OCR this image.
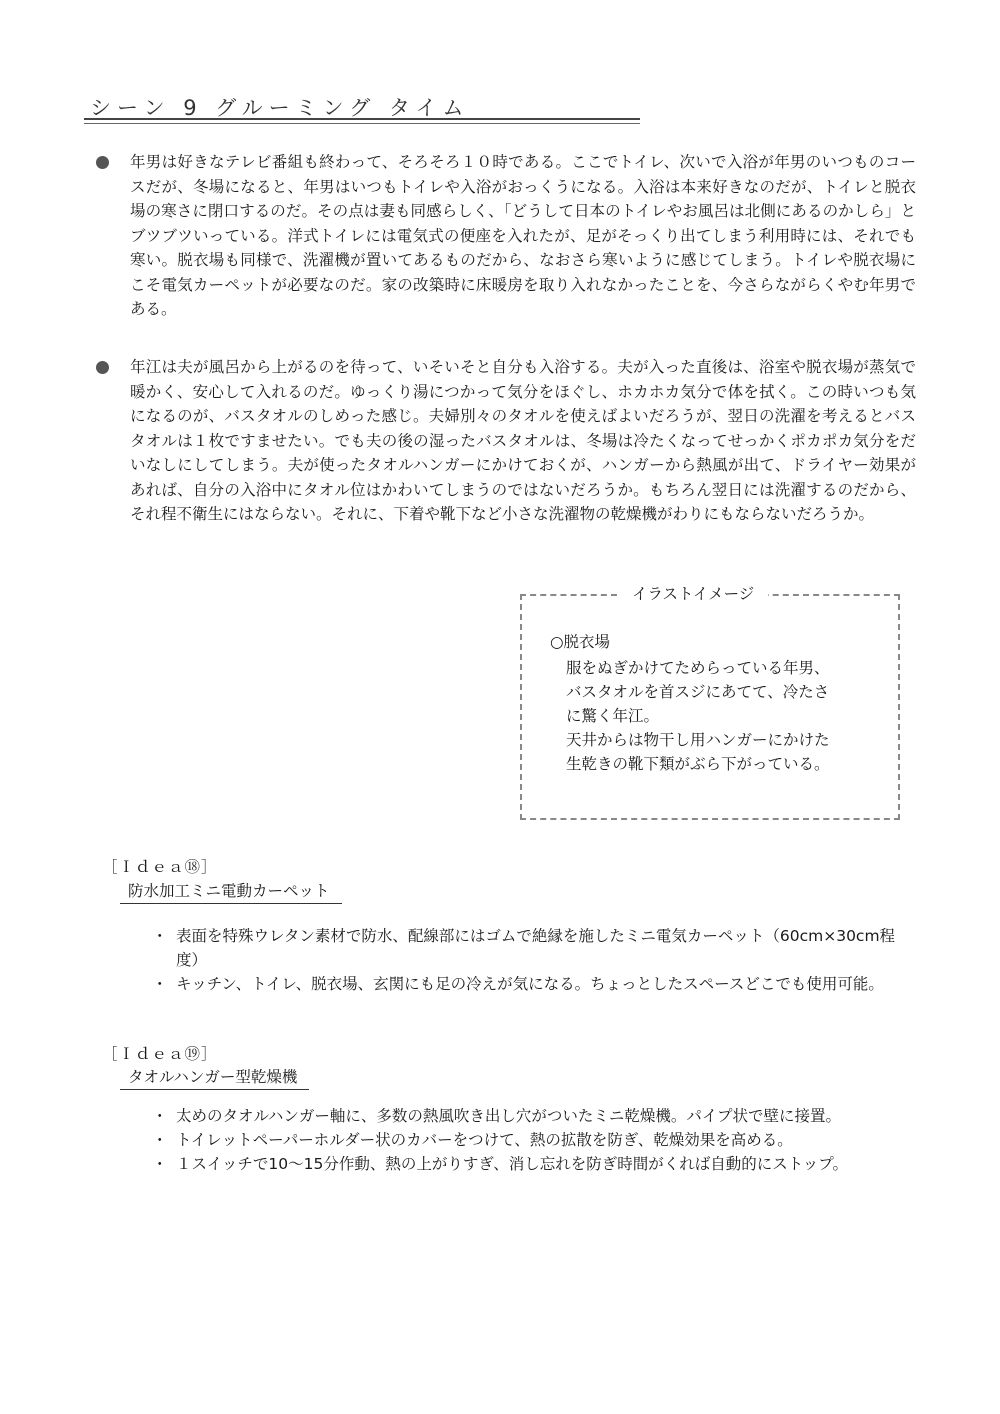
シーン 9 グルーミング タイム
年男は好きなテレビ番組も終わって、そろそろ１０時である。ここでトイレ、次いで入浴が年男のいつものコースだが、冬場になると、年男はいつもトイレや入浴がおっくうになる。入浴は本来好きなのだが、トイレと脱衣場の寒さに閉口するのだ。その点は妻も同感らしく、「どうして日本のトイレやお風呂は北側にあるのかしら」とブツブツいっている。洋式トイレには電気式の便座を入れたが、足がそっくり出てしまう利用時には、それでも寒い。脱衣場も同様で、洗濯機が置いてあるものだから、なおさら寒いように感じてしまう。トイレや脱衣場にこそ電気カーペットが必要なのだ。家の改築時に床暖房を取り入れなかったことを、今さらながらくやむ年男である。
年江は夫が風呂から上がるのを待って、いそいそと自分も入浴する。夫が入った直後は、浴室や脱衣場が蒸気で暖かく、安心して入れるのだ。ゆっくり湯につかって気分をほぐし、ホカホカ気分で体を拭く。この時いつも気になるのが、バスタオルのしめった感じ。夫婦別々のタオルを使えばよいだろうが、翌日の洗濯を考えるとバスタオルは１枚ですませたい。でも夫の後の湿ったバスタオルは、冬場は冷たくなってせっかくポカポカ気分をだいなしにしてしまう。夫が使ったタオルハンガーにかけておくが、ハンガーから熱風が出て、ドライヤー効果があれば、自分の入浴中にタオル位はかわいてしまうのではないだろうか。もちろん翌日には洗濯するのだから、それ程不衛生にはならない。それに、下着や靴下など小さな洗濯物の乾燥機がわりにもならないだろうか。
イラストイメージ
○脱衣場
服をぬぎかけてためらっている年男、
バスタオルを首スジにあてて、冷たさ
に驚く年江。
天井からは物干し用ハンガーにかけた
生乾きの靴下類がぶら下がっている。
［Ｉｄｅａ⑱］
防水加工ミニ電動カーペット
・ 表面を特殊ウレタン素材で防水、配線部にはゴムで絶縁を施したミニ電気カーペット（60cm×30cm程度）
・ キッチン、トイレ、脱衣場、玄関にも足の冷えが気になる。ちょっとしたスペースどこでも使用可能。
［Ｉｄｅａ⑲］
タオルハンガー型乾燥機
・ 太めのタオルハンガー軸に、多数の熱風吹き出し穴がついたミニ乾燥機。パイプ状で壁に接置。
・ トイレットペーパーホルダー状のカバーをつけて、熱の拡散を防ぎ、乾燥効果を高める。
・ １スイッチで10～15分作動、熱の上がりすぎ、消し忘れを防ぎ時間がくれば自動的にストップ。
